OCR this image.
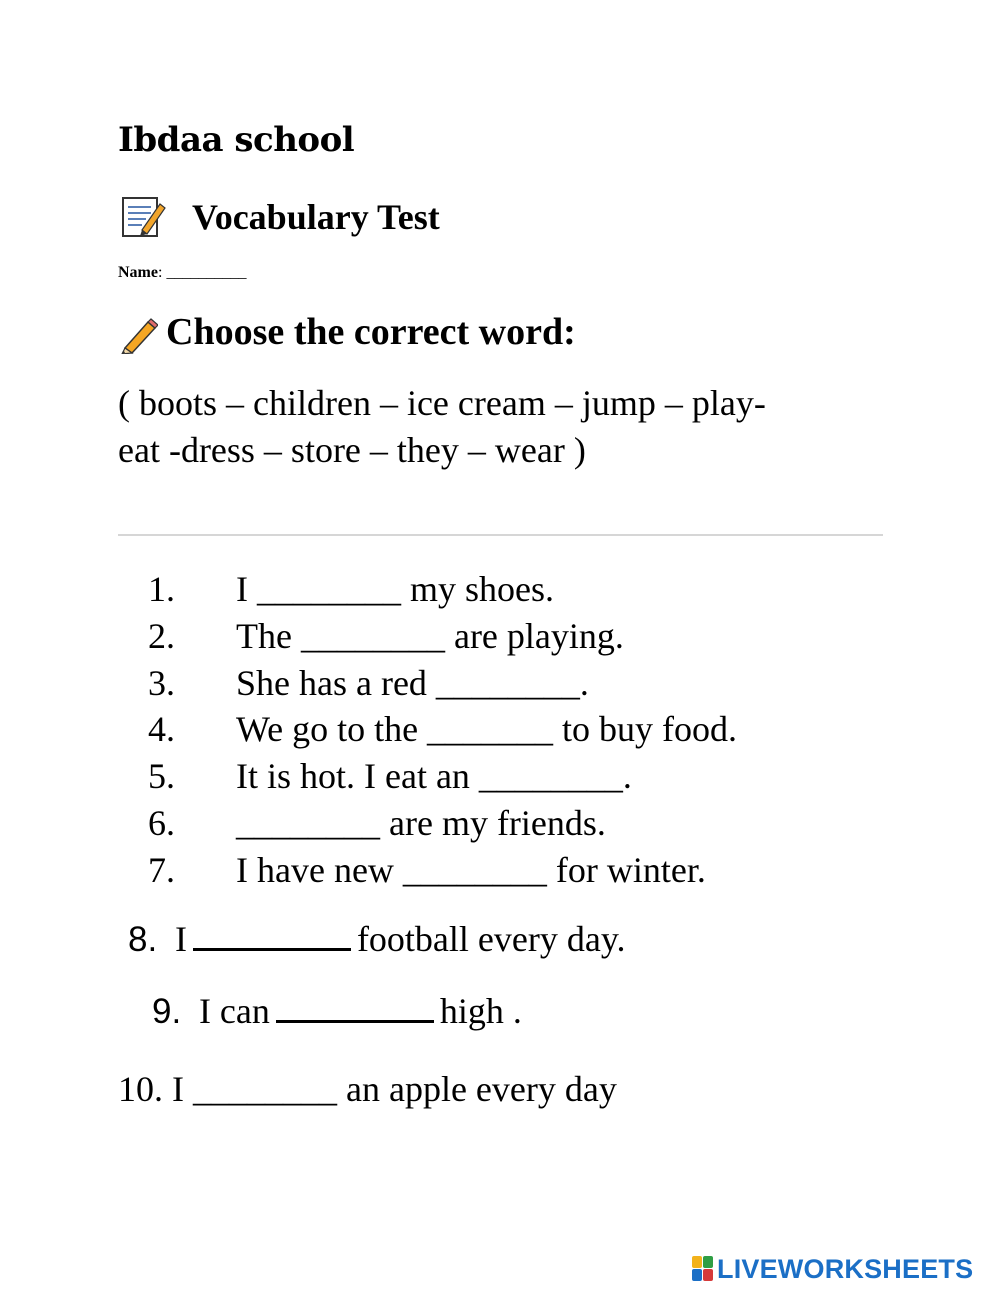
Ibdaa school
Vocabulary Test
Name: __________
Choose the correct word:
( boots – children – ice cream – jump – play-
eat -dress – store – they – wear )
1. I ________ my shoes.
2. The ________ are playing.
3. She has a red ________.
4. We go to the _______ to buy food.
5. It is hot. I eat an ________.
6. ________ are my friends.
7. I have new ________ for winter.
8. I	football every day.
9. I can	high .
10. I ________ an apple every day
LIVEWORKSHEETS
